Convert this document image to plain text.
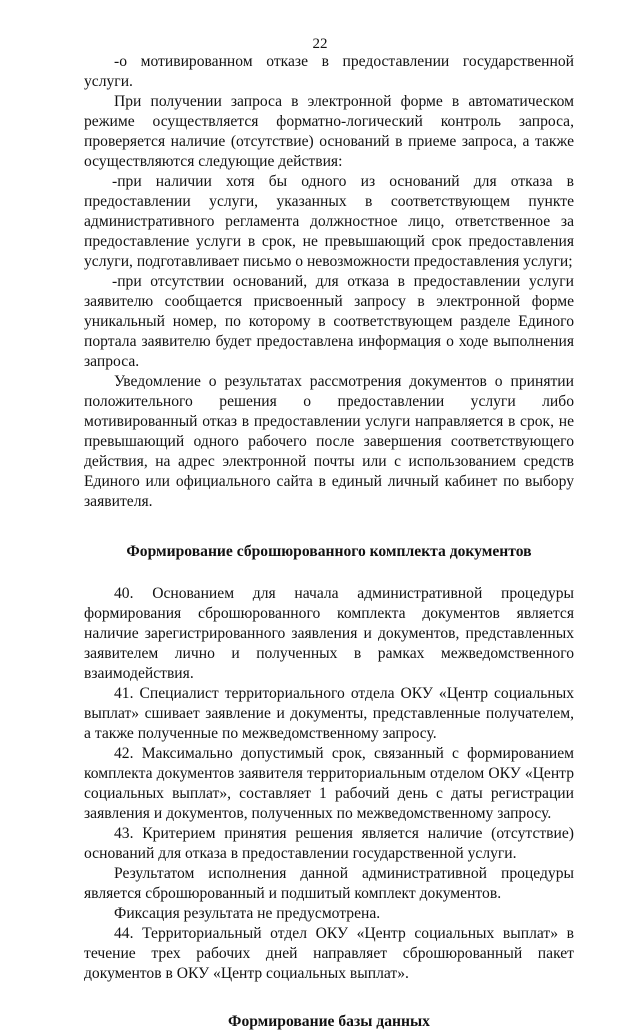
22

-о мотивированном отказе в предоставлении государственной услуги.

При получении запроса в электронной форме в автоматическом режиме осуществляется форматно-логический контроль запроса, проверяется наличие (отсутствие) оснований в приеме запроса, а также осуществляются следующие действия:

-при наличии хотя бы одного из оснований для отказа в предоставлении услуги, указанных в соответствующем пункте административного регламента должностное лицо, ответственное за предоставление услуги в срок, не превышающий срок предоставления услуги, подготавливает письмо о невозможности предоставления услуги;

-при отсутствии оснований, для отказа в предоставлении услуги заявителю сообщается присвоенный запросу в электронной форме уникальный номер, по которому в соответствующем разделе Единого портала заявителю будет предоставлена информация о ходе выполнения запроса.

Уведомление о результатах рассмотрения документов о принятии положительного решения о предоставлении услуги либо мотивированный отказ в предоставлении услуги направляется в срок, не превышающий одного рабочего после завершения соответствующего действия, на адрес электронной почты или с использованием средств Единого или официального сайта в единый личный кабинет по выбору заявителя.

Формирование сброшюрованного комплекта документов

40. Основанием для начала административной процедуры формирования сброшюрованного комплекта документов является наличие зарегистрированного заявления и документов, представленных заявителем лично и полученных в рамках межведомственного взаимодействия.

41. Специалист территориального отдела ОКУ «Центр социальных выплат» сшивает заявление и документы, представленные получателем, а также полученные по межведомственному запросу.

42. Максимально допустимый срок, связанный с формированием комплекта документов заявителя территориальным отделом ОКУ «Центр социальных выплат», составляет 1 рабочий день с даты регистрации заявления и документов, полученных по межведомственному запросу.

43. Критерием принятия решения является наличие (отсутствие) оснований для отказа в предоставлении государственной услуги.

Результатом исполнения данной административной процедуры является сброшюрованный и подшитый комплект документов.

Фиксация результата не предусмотрена.

44. Территориальный отдел ОКУ «Центр социальных выплат» в течение трех рабочих дней направляет сброшюрованный пакет документов в ОКУ «Центр социальных выплат».

Формирование базы данных
